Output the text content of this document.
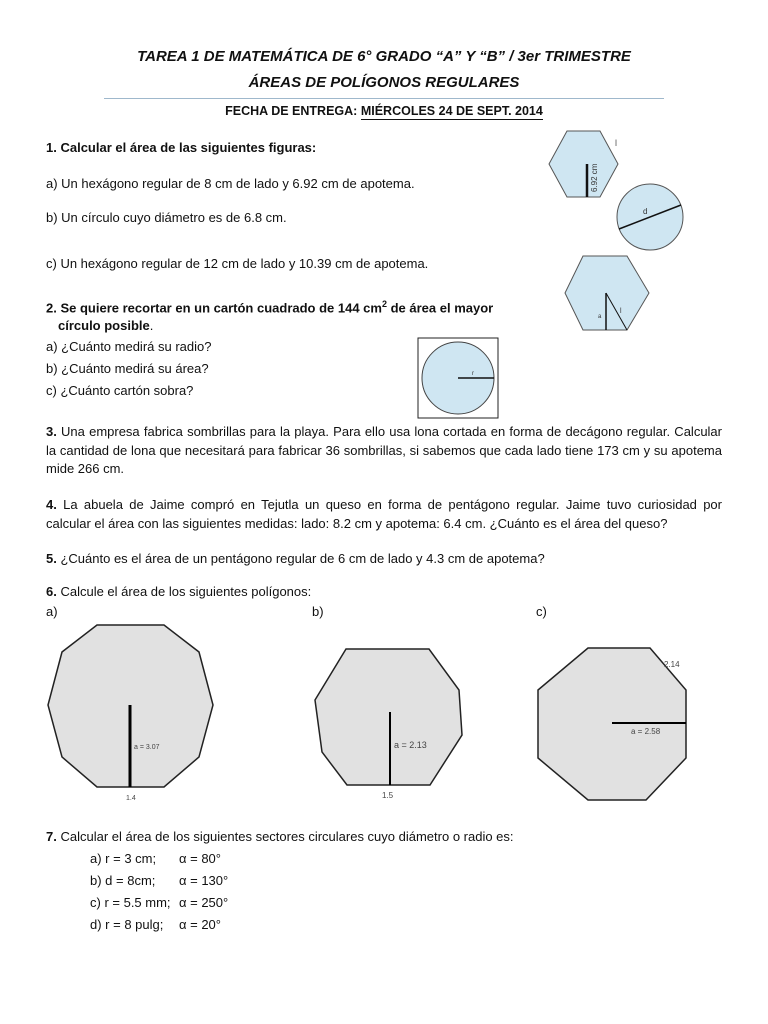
TAREA 1 DE MATEMÁTICA DE 6° GRADO “A” Y “B” / 3er TRIMESTRE
ÁREAS DE POLÍGONOS REGULARES
FECHA DE ENTREGA: MIÉRCOLES 24 DE SEPT. 2014
1. Calcular el área de las siguientes figuras:
a) Un hexágono regular de 8 cm de lado y 6.92 cm de apotema.
b) Un círculo cuyo diámetro es de 6.8 cm.
c) Un hexágono regular de 12 cm de lado y 10.39 cm de apotema.
2. Se quiere recortar en un cartón cuadrado de 144 $cm^2$ de área el mayor
círculo posible.
a) ¿Cuánto medirá su radio?
b) ¿Cuánto medirá su área?
c) ¿Cuánto cartón sobra?
3. Una empresa fabrica sombrillas para la playa. Para ello usa lona cortada en forma de decágono regular. Calcular la cantidad de lona que necesitará para fabricar 36 sombrillas, si sabemos que cada lado tiene 173 cm y su apotema mide 266 cm.
4. La abuela de Jaime compró en Tejutla un queso en forma de pentágono regular. Jaime tuvo curiosidad por calcular el área con las siguientes medidas: lado: 8.2 cm y apotema: 6.4 cm. ¿Cuánto es el área del queso?
5. ¿Cuánto es el área de un pentágono regular de 6 cm de lado y 4.3 cm de apotema?
6. Calcule el área de los siguientes polígonos:
a)	b)	c)
7. Calcular el área de los siguientes sectores circulares cuyo diámetro o radio es:
a) r = 3 cm; α = 80°
b) d = 8cm; α = 130°
c) r = 5.5 mm; α = 250°
d) r = 8 pulg; α = 20°
6.92 cm
l
d
a
l
r
a = 3.07
1.4
a = 2.13
1.5
a = 2.58
2.14
